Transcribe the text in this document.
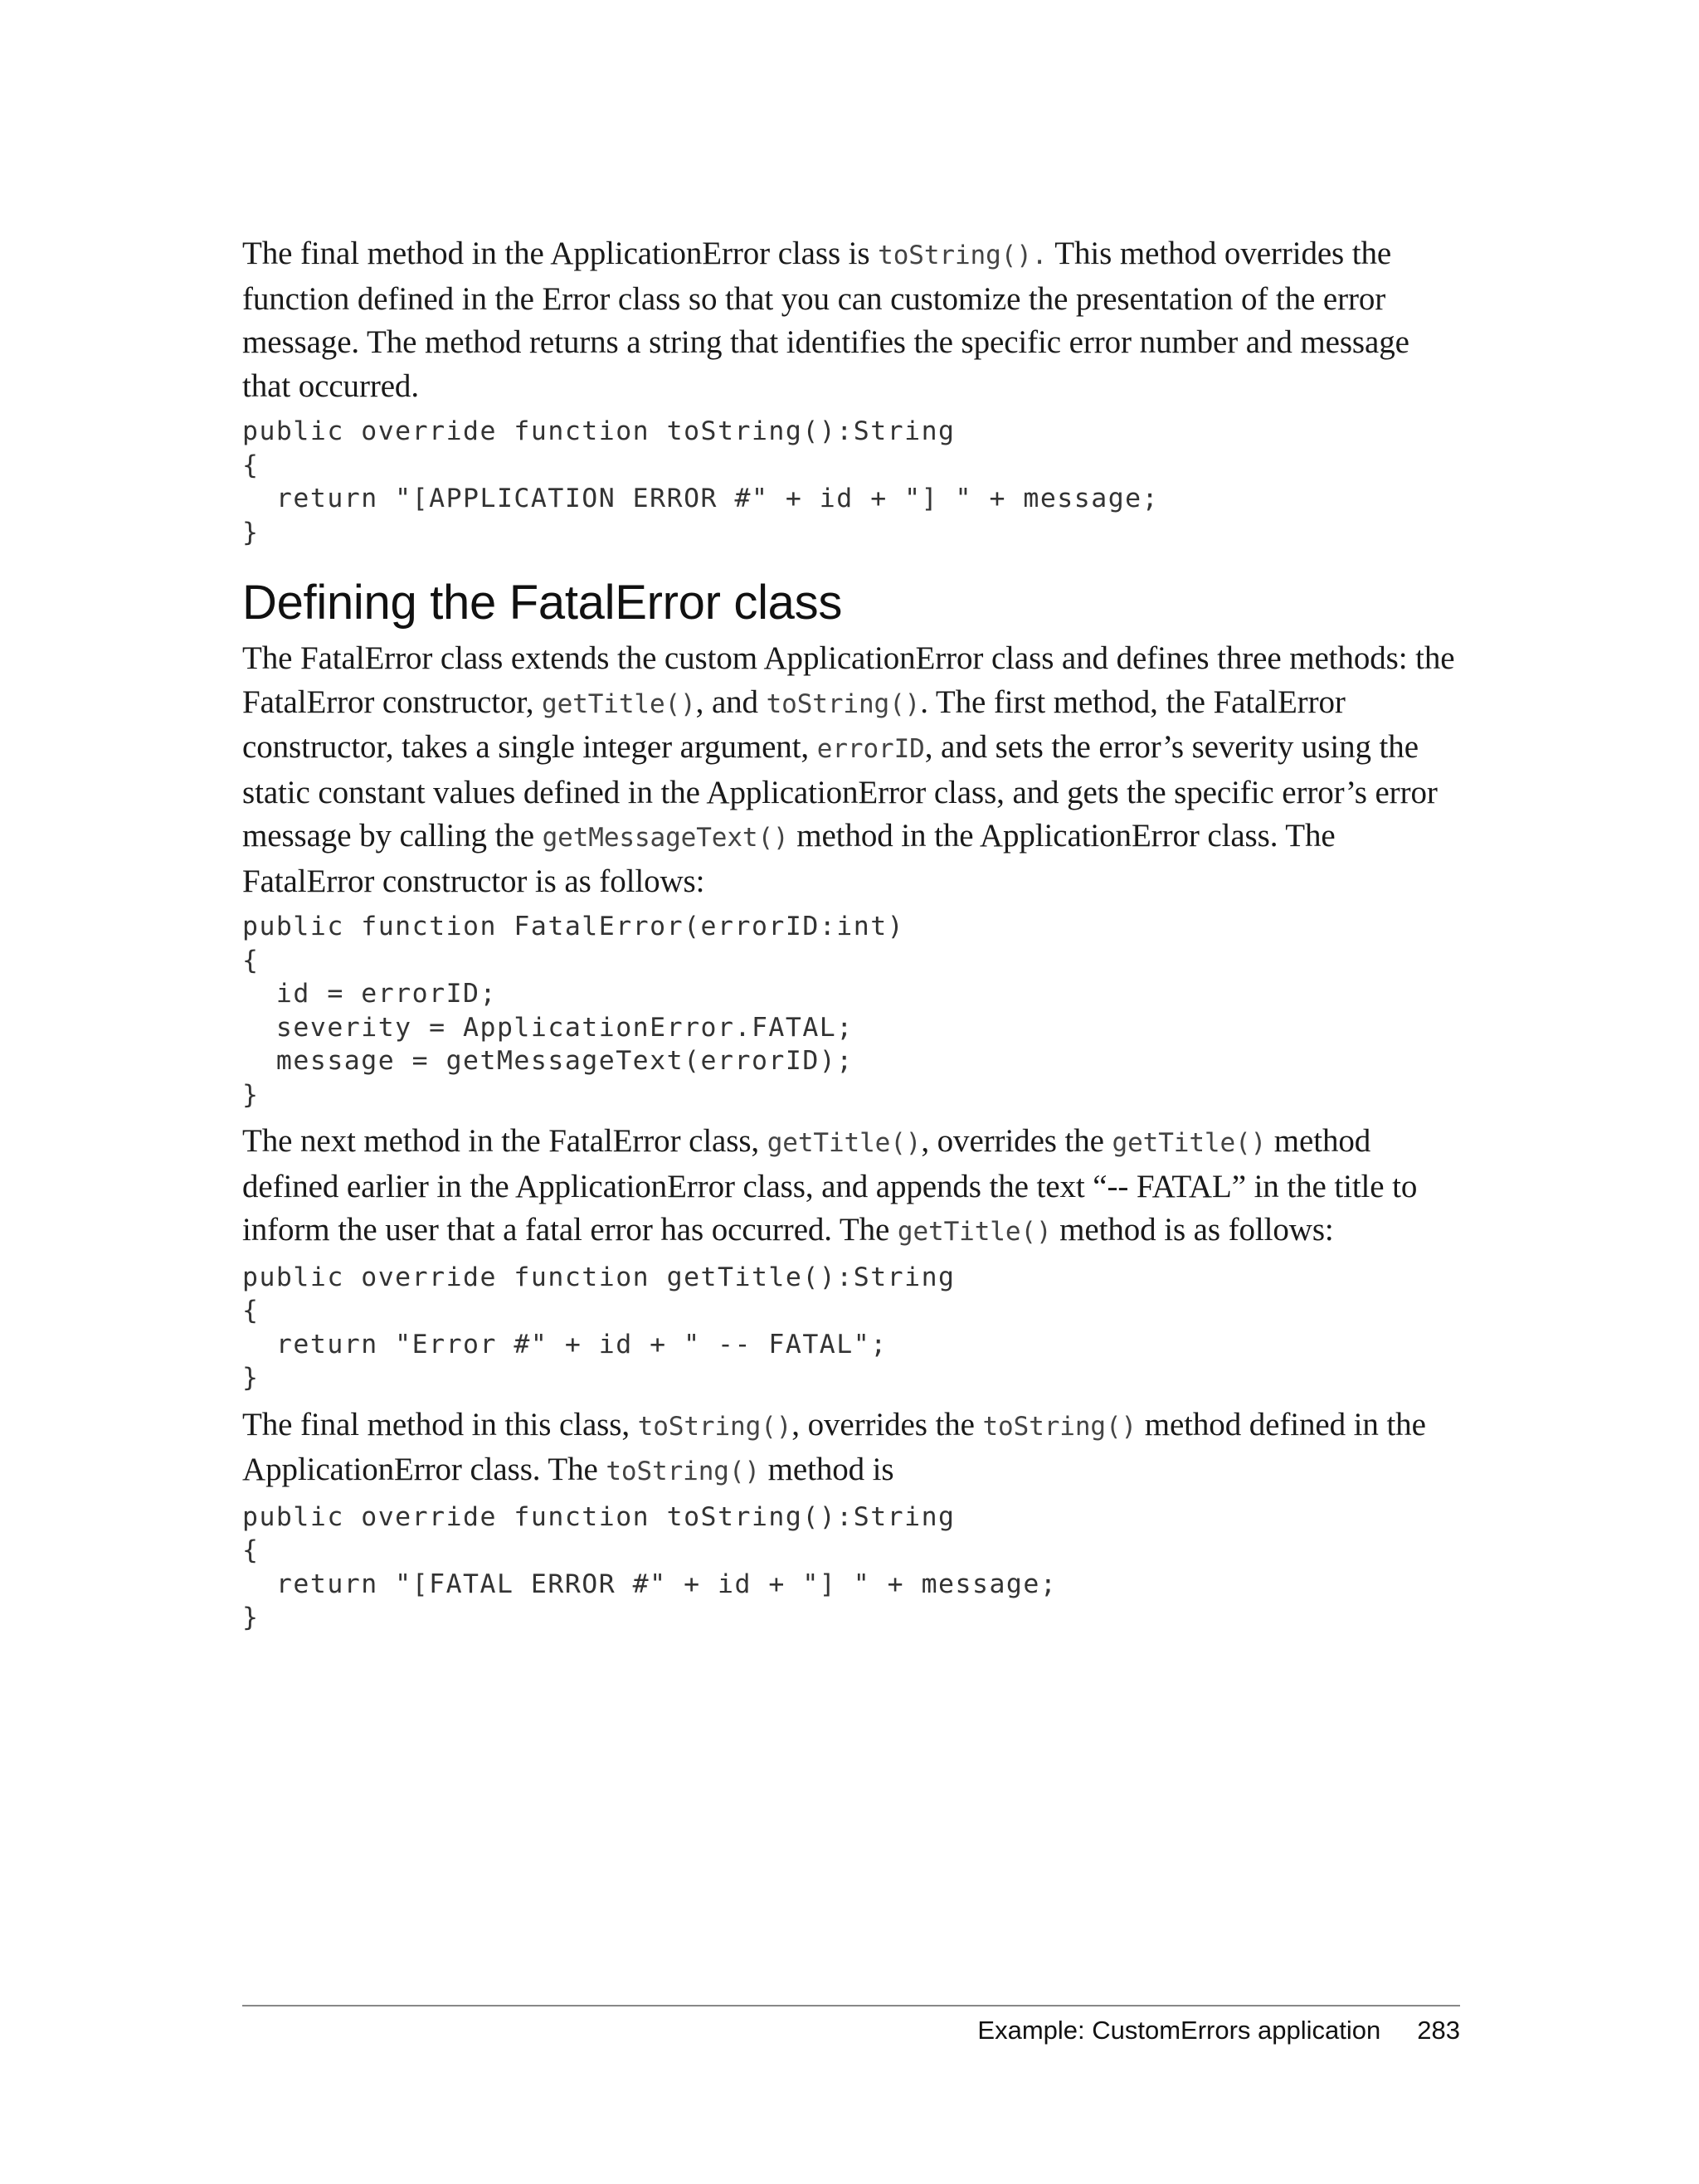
The final method in the ApplicationError class is toString(). This method overrides the function defined in the Error class so that you can customize the presentation of the error message. The method returns a string that identifies the specific error number and message that occurred.

public override function toString():String
{
return "[APPLICATION ERROR #" + id + "] " + message;
}
Defining the FatalError class

The FatalError class extends the custom ApplicationError class and defines three methods: the FatalError constructor, getTitle(), and toString(). The first method, the FatalError constructor, takes a single integer argument, errorID, and sets the error’s severity using the static constant values defined in the ApplicationError class, and gets the specific error’s error message by calling the getMessageText() method in the ApplicationError class. The FatalError constructor is as follows:

public function FatalError(errorID:int)
{
id = errorID;
severity = ApplicationError.FATAL;
message = getMessageText(errorID);
}

The next method in the FatalError class, getTitle(), overrides the getTitle() method defined earlier in the ApplicationError class, and appends the text “-- FATAL” in the title to inform the user that a fatal error has occurred. The getTitle() method is as follows:

public override function getTitle():String
{
return "Error #" + id + " -- FATAL";
}

The final method in this class, toString(), overrides the toString() method defined in the ApplicationError class. The toString() method is

public override function toString():String
{
return "[FATAL ERROR #" + id + "] " + message;
}
Example: CustomErrors application 283
